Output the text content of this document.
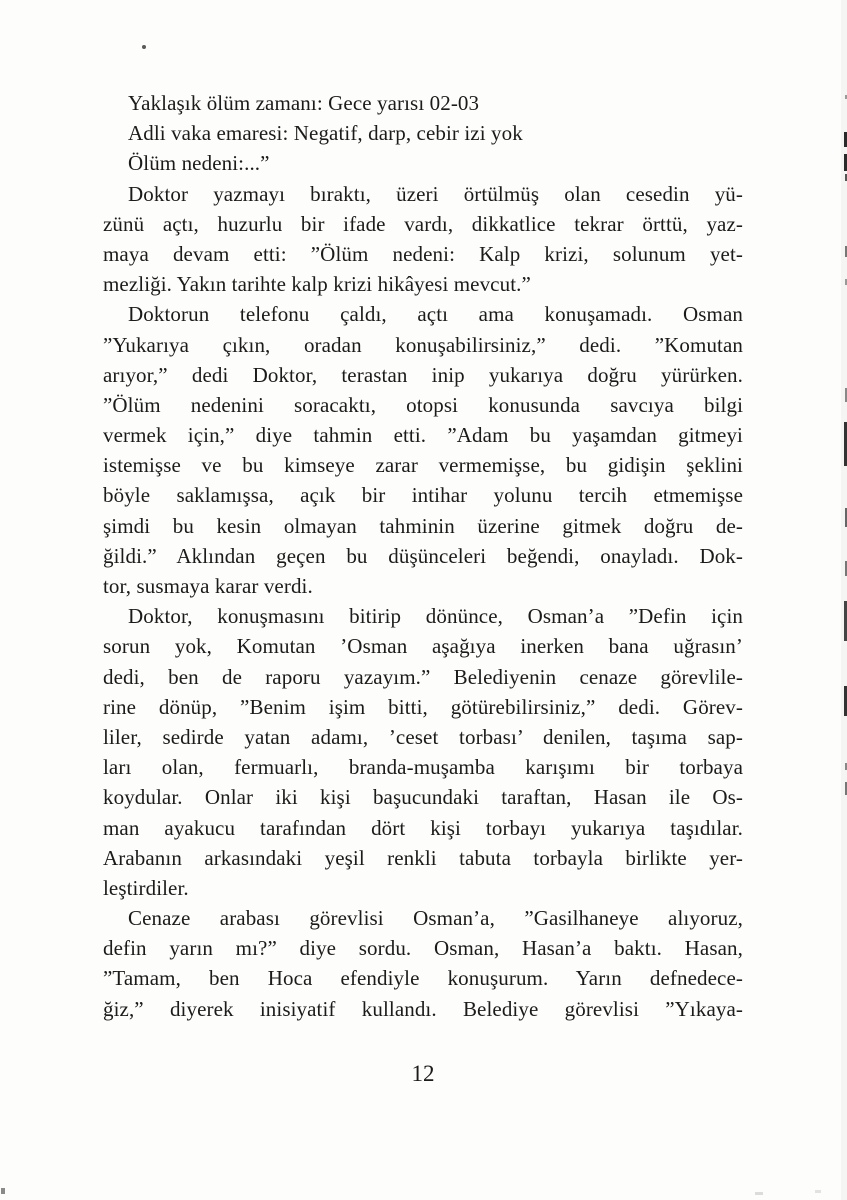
Yaklaşık ölüm zamanı: Gece yarısı 02-03
Adli vaka emaresi: Negatif, darp, cebir izi yok
Ölüm nedeni:...”
Doktor yazmayı bıraktı, üzeri örtülmüş olan cesedin yü-
zünü açtı, huzurlu bir ifade vardı, dikkatlice tekrar örttü, yaz-
maya devam etti: ”Ölüm nedeni: Kalp krizi, solunum yet-
mezliği. Yakın tarihte kalp krizi hikâyesi mevcut.”
Doktorun telefonu çaldı, açtı ama konuşamadı. Osman
”Yukarıya çıkın, oradan konuşabilirsiniz,” dedi. ”Komutan
arıyor,” dedi Doktor, terastan inip yukarıya doğru yürürken.
”Ölüm nedenini soracaktı, otopsi konusunda savcıya bilgi
vermek için,” diye tahmin etti. ”Adam bu yaşamdan gitmeyi
istemişse ve bu kimseye zarar vermemişse, bu gidişin şeklini
böyle saklamışsa, açık bir intihar yolunu tercih etmemişse
şimdi bu kesin olmayan tahminin üzerine gitmek doğru de-
ğildi.” Aklından geçen bu düşünceleri beğendi, onayladı. Dok-
tor, susmaya karar verdi.
Doktor, konuşmasını bitirip dönünce, Osman’a ”Defin için
sorun yok, Komutan ’Osman aşağıya inerken bana uğrasın’
dedi, ben de raporu yazayım.” Belediyenin cenaze görevlile-
rine dönüp, ”Benim işim bitti, götürebilirsiniz,” dedi. Görev-
liler, sedirde yatan adamı, ’ceset torbası’ denilen, taşıma sap-
ları olan, fermuarlı, branda-muşamba karışımı bir torbaya
koydular. Onlar iki kişi başucundaki taraftan, Hasan ile Os-
man ayakucu tarafından dört kişi torbayı yukarıya taşıdılar.
Arabanın arkasındaki yeşil renkli tabuta torbayla birlikte yer-
leştirdiler.
Cenaze arabası görevlisi Osman’a, ”Gasilhaneye alıyoruz,
defin yarın mı?” diye sordu. Osman, Hasan’a baktı. Hasan,
”Tamam, ben Hoca efendiyle konuşurum. Yarın defnedece-
ğiz,” diyerek inisiyatif kullandı. Belediye görevlisi ”Yıkaya-
12
